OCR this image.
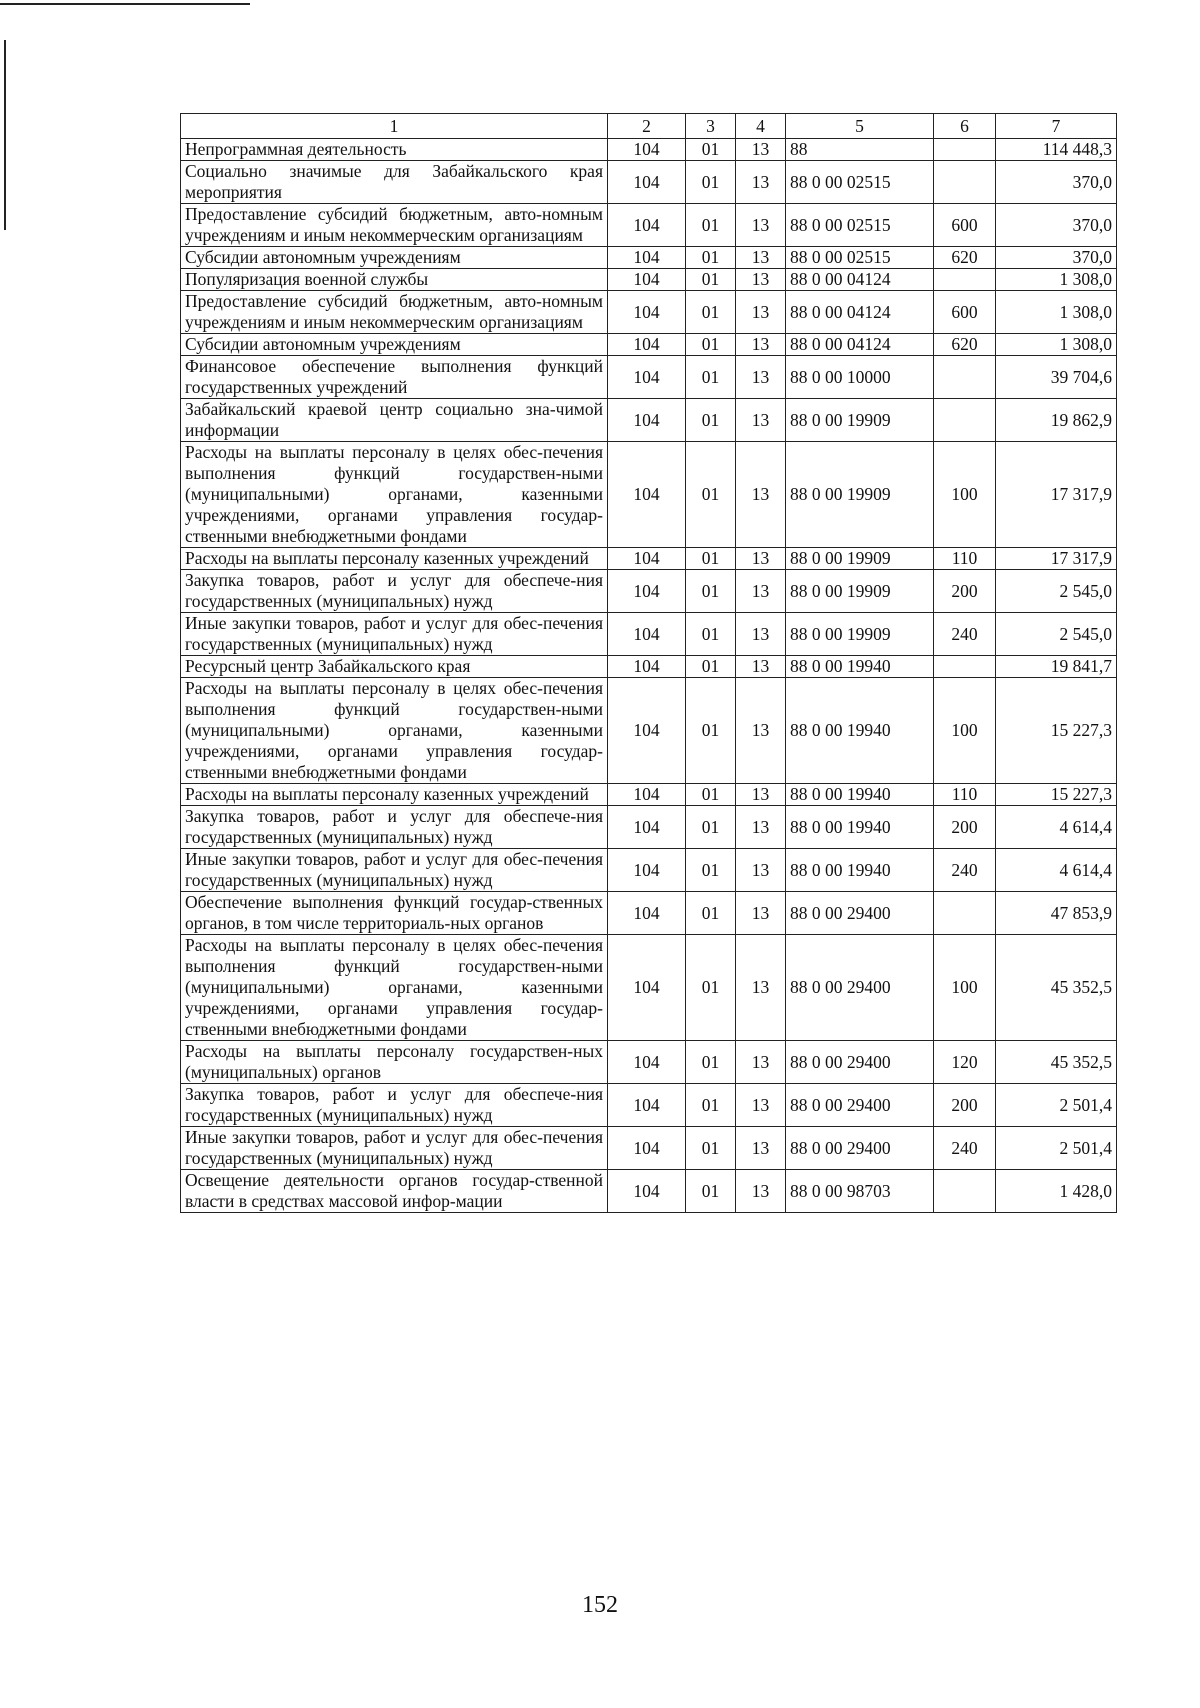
1	2	3	4	5	6	7
Непрограммная деятельность	104	01	13	88		114 448,3
Социально значимые для Забайкальского края мероприятия	104	01	13	88 0 00 02515		370,0
Предоставление субсидий бюджетным, авто-номным учреждениям и иным некоммерческим организациям	104	01	13	88 0 00 02515	600	370,0
Субсидии автономным учреждениям	104	01	13	88 0 00 02515	620	370,0
Популяризация военной службы	104	01	13	88 0 00 04124		1 308,0
Предоставление субсидий бюджетным, авто-номным учреждениям и иным некоммерческим организациям	104	01	13	88 0 00 04124	600	1 308,0
Субсидии автономным учреждениям	104	01	13	88 0 00 04124	620	1 308,0
Финансовое обеспечение выполнения функций государственных учреждений	104	01	13	88 0 00 10000		39 704,6
Забайкальский краевой центр социально зна-чимой информации	104	01	13	88 0 00 19909		19 862,9
Расходы на выплаты персоналу в целях обес-печения выполнения функций государствен-ными (муниципальными) органами, казенными учреждениями, органами управления государ-ственными внебюджетными фондами	104	01	13	88 0 00 19909	100	17 317,9
Расходы на выплаты персоналу казенных учреждений	104	01	13	88 0 00 19909	110	17 317,9
Закупка товаров, работ и услуг для обеспече-ния государственных (муниципальных) нужд	104	01	13	88 0 00 19909	200	2 545,0
Иные закупки товаров, работ и услуг для обес-печения государственных (муниципальных) нужд	104	01	13	88 0 00 19909	240	2 545,0
Ресурсный центр Забайкальского края	104	01	13	88 0 00 19940		19 841,7
Расходы на выплаты персоналу в целях обес-печения выполнения функций государствен-ными (муниципальными) органами, казенными учреждениями, органами управления государ-ственными внебюджетными фондами	104	01	13	88 0 00 19940	100	15 227,3
Расходы на выплаты персоналу казенных учреждений	104	01	13	88 0 00 19940	110	15 227,3
Закупка товаров, работ и услуг для обеспече-ния государственных (муниципальных) нужд	104	01	13	88 0 00 19940	200	4 614,4
Иные закупки товаров, работ и услуг для обес-печения государственных (муниципальных) нужд	104	01	13	88 0 00 19940	240	4 614,4
Обеспечение выполнения функций государ-ственных органов, в том числе территориаль-ных органов	104	01	13	88 0 00 29400		47 853,9
Расходы на выплаты персоналу в целях обес-печения выполнения функций государствен-ными (муниципальными) органами, казенными учреждениями, органами управления государ-ственными внебюджетными фондами	104	01	13	88 0 00 29400	100	45 352,5
Расходы на выплаты персоналу государствен-ных (муниципальных) органов	104	01	13	88 0 00 29400	120	45 352,5
Закупка товаров, работ и услуг для обеспече-ния государственных (муниципальных) нужд	104	01	13	88 0 00 29400	200	2 501,4
Иные закупки товаров, работ и услуг для обес-печения государственных (муниципальных) нужд	104	01	13	88 0 00 29400	240	2 501,4
Освещение деятельности органов государ-ственной власти в средствах массовой инфор-мации	104	01	13	88 0 00 98703		1 428,0
152
